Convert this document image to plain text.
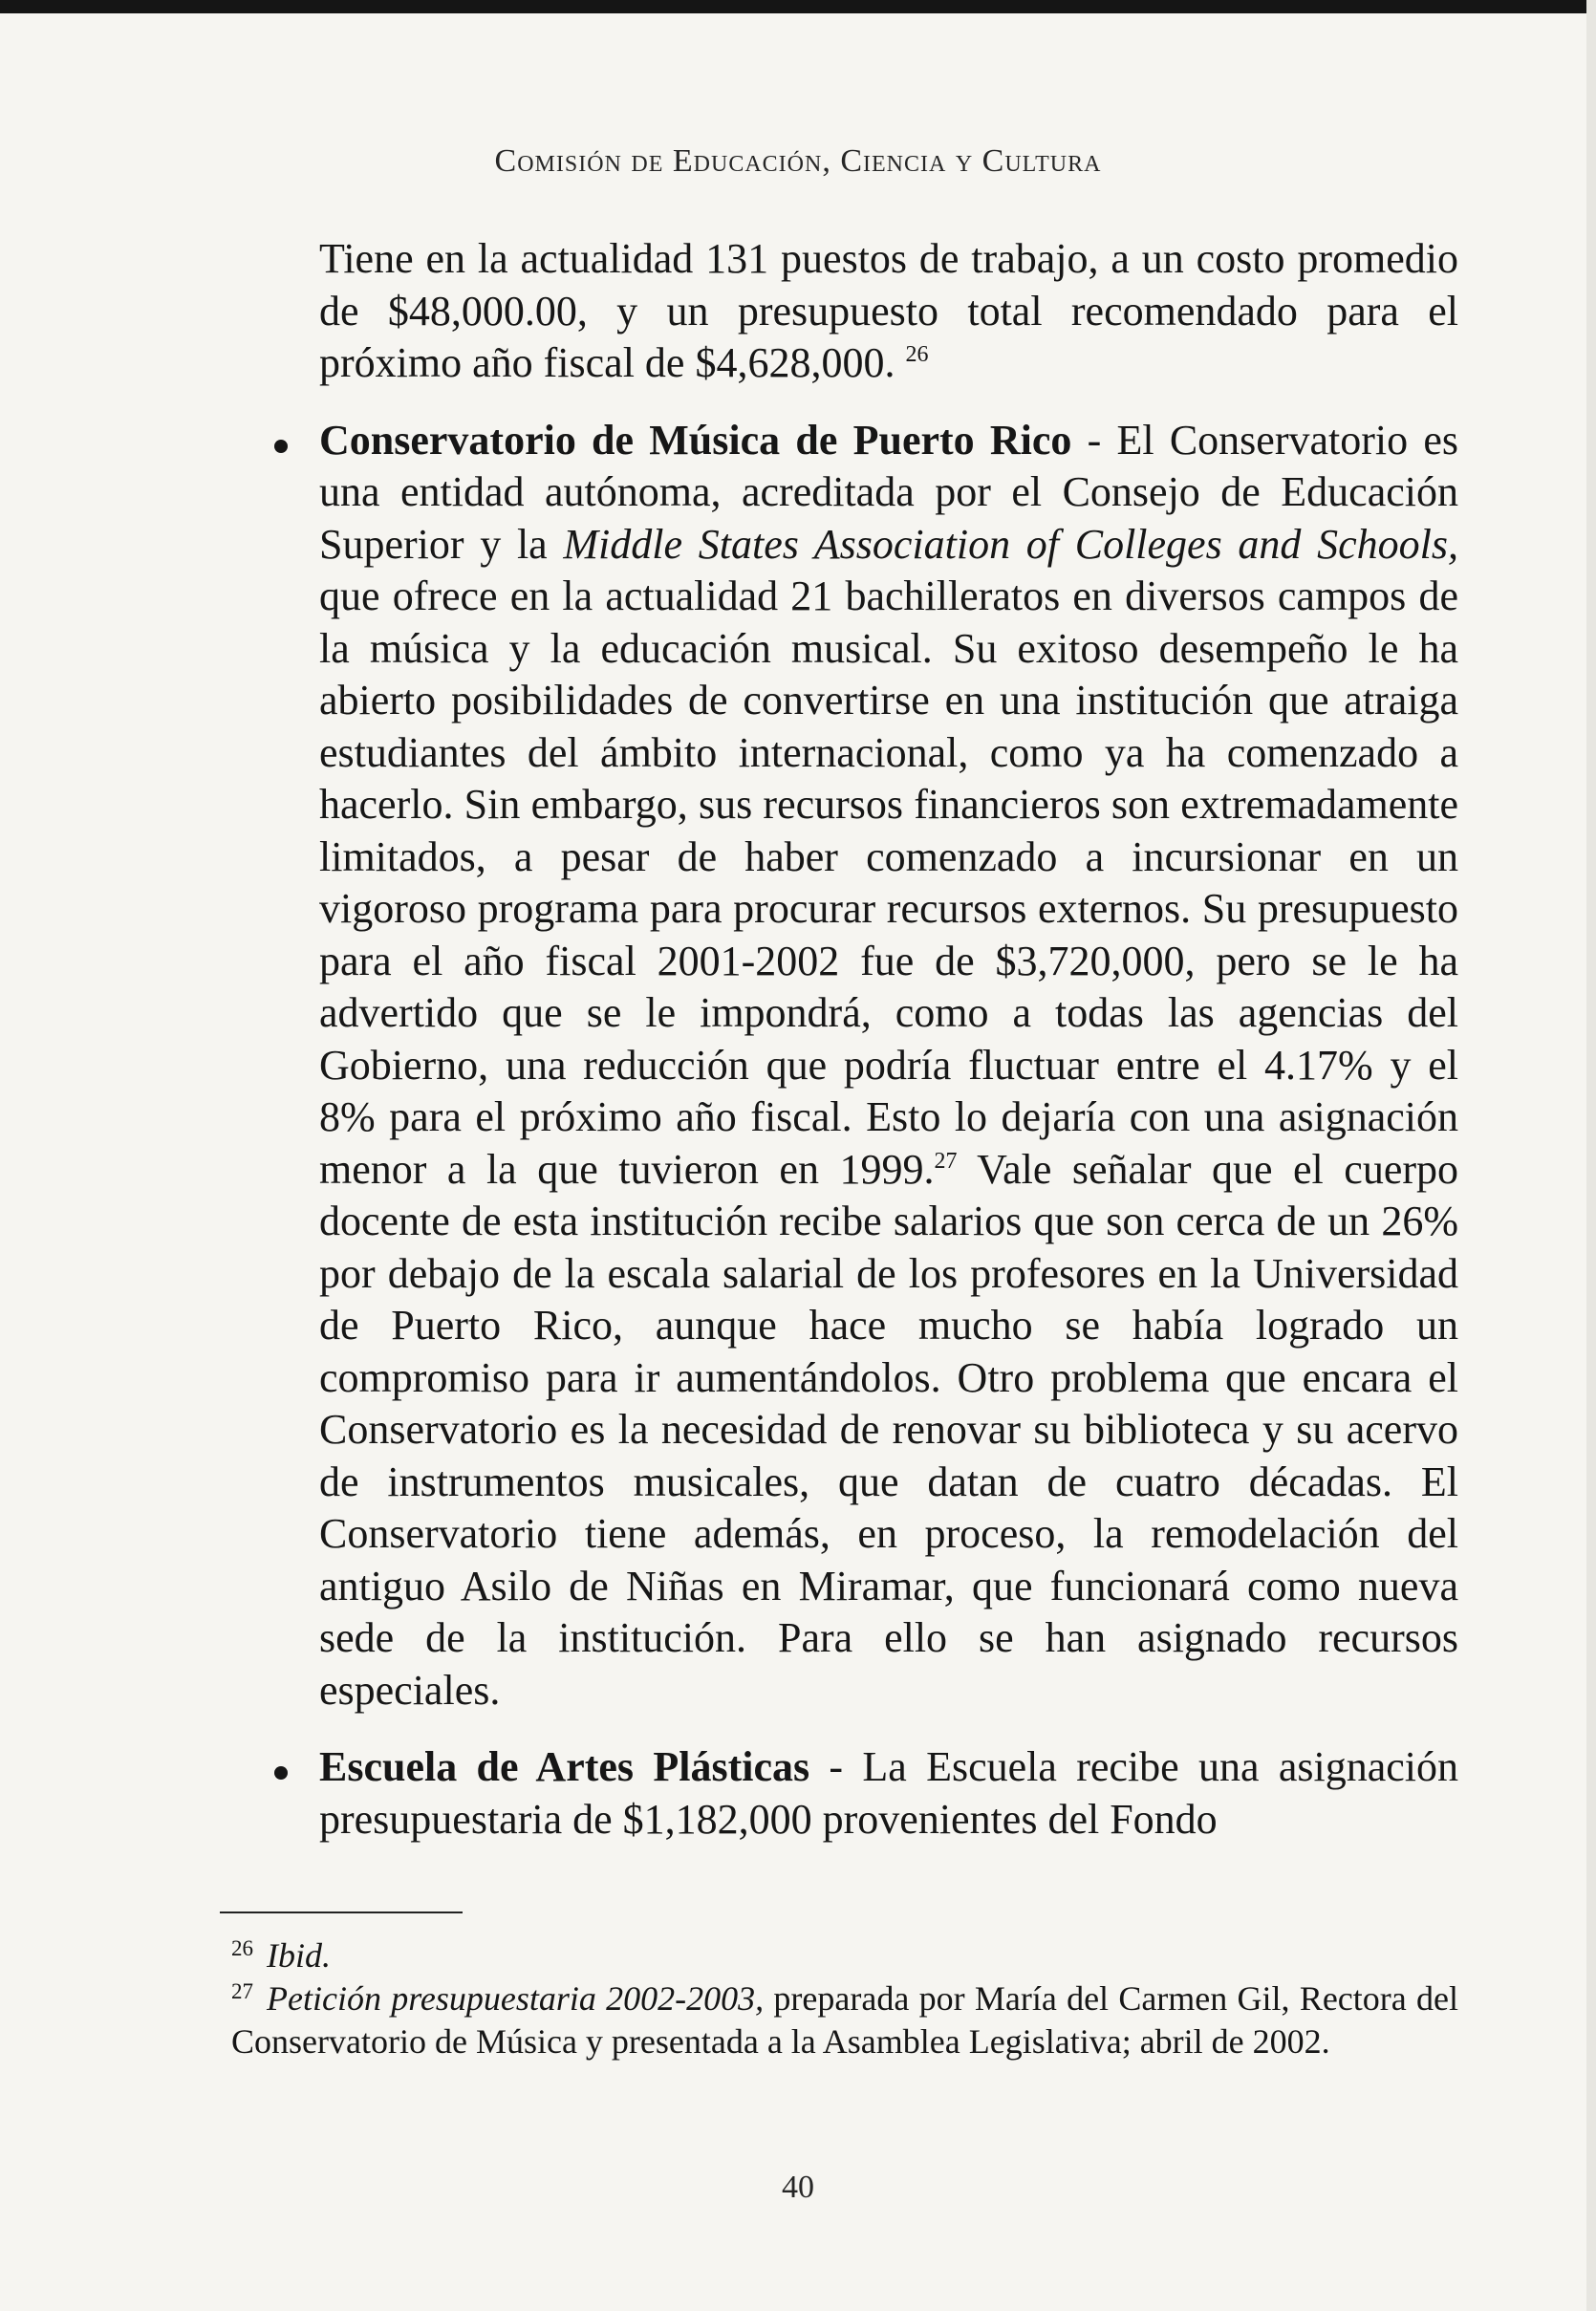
Comisión de Educación, Ciencia y Cultura

Tiene en la actualidad 131 puestos de trabajo, a un costo promedio de $48,000.00, y un presupuesto total recomendado para el próximo año fiscal de $4,628,000. $^{26}$

Conservatorio de Música de Puerto Rico - El Conservatorio es una entidad autónoma, acreditada por el Consejo de Educación Superior y la Middle States Association of Colleges and Schools, que ofrece en la actualidad 21 bachilleratos en diversos campos de la música y la educación musical. Su exitoso desempeño le ha abierto posibilidades de convertirse en una institución que atraiga estudiantes del ámbito internacional, como ya ha comenzado a hacerlo. Sin embargo, sus recursos financieros son extremadamente limitados, a pesar de haber comenzado a incursionar en un vigoroso programa para procurar recursos externos. Su presupuesto para el año fiscal 2001-2002 fue de $3,720,000, pero se le ha advertido que se le impondrá, como a todas las agencias del Gobierno, una reducción que podría fluctuar entre el 4.17% y el 8% para el próximo año fiscal. Esto lo dejaría con una asignación menor a la que tuvieron en 1999.27 Vale señalar que el cuerpo docente de esta institución recibe salarios que son cerca de un 26% por debajo de la escala salarial de los profesores en la Universidad de Puerto Rico, aunque hace mucho se había logrado un compromiso para ir aumentándolos. Otro problema que encara el Conservatorio es la necesidad de renovar su biblioteca y su acervo de instrumentos musicales, que datan de cuatro décadas. El Conservatorio tiene además, en proceso, la remodelación del antiguo Asilo de Niñas en Miramar, que funcionará como nueva sede de la institución. Para ello se han asignado recursos especiales.

Escuela de Artes Plásticas - La Escuela recibe una asignación presupuestaria de $1,182,000 provenientes del Fondo

$^{26}$ Ibid.

$^{27}$ Petición presupuestaria 2002-2003, preparada por María del Carmen Gil, Rectora del Conservatorio de Música y presentada a la Asamblea Legislativa; abril de 2002.

40
